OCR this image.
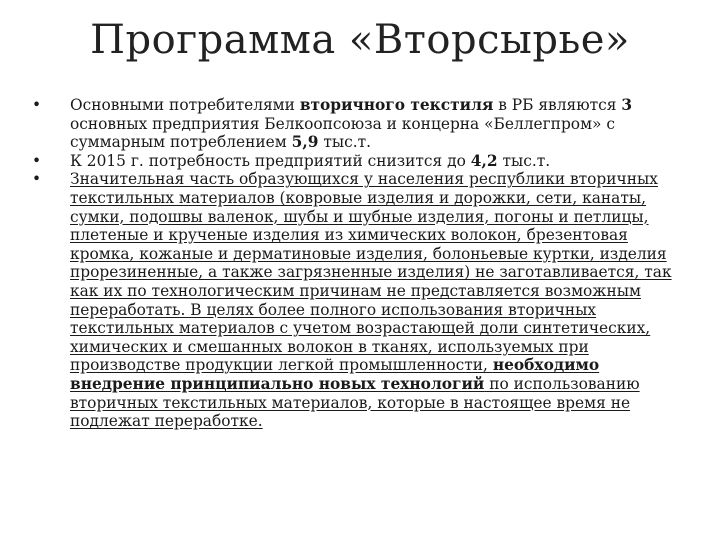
Программа «Вторсырье»
•	Основными потребителями вторичного текстиля в РБ являются 3 основных предприятия Белкоопсоюза и концерна «Беллегпром» с суммарным потреблением 5,9 тыс.т.
•	К 2015 г. потребность предприятий снизится до 4,2 тыс.т.
•	Значительная часть образующихся у населения республики вторичных текстильных материалов (ковровые изделия и дорожки, сети, канаты, сумки, подошвы валенок, шубы и шубные изделия, погоны и петлицы, плетеные и крученые изделия из химических волокон, брезентовая кромка, кожаные и дерматиновые изделия, болоньевые куртки, изделия прорезиненные, а также загрязненные изделия) не заготавливается, так как их по технологическим причинам не представляется возможным переработать. В целях более полного использования вторичных текстильных материалов с учетом возрастающей доли синтетических, химических и смешанных волокон в тканях, используемых при производстве продукции легкой промышленности, необходимо внедрение принципиально новых технологий по использованию вторичных текстильных материалов, которые в настоящее время не подлежат переработке.
